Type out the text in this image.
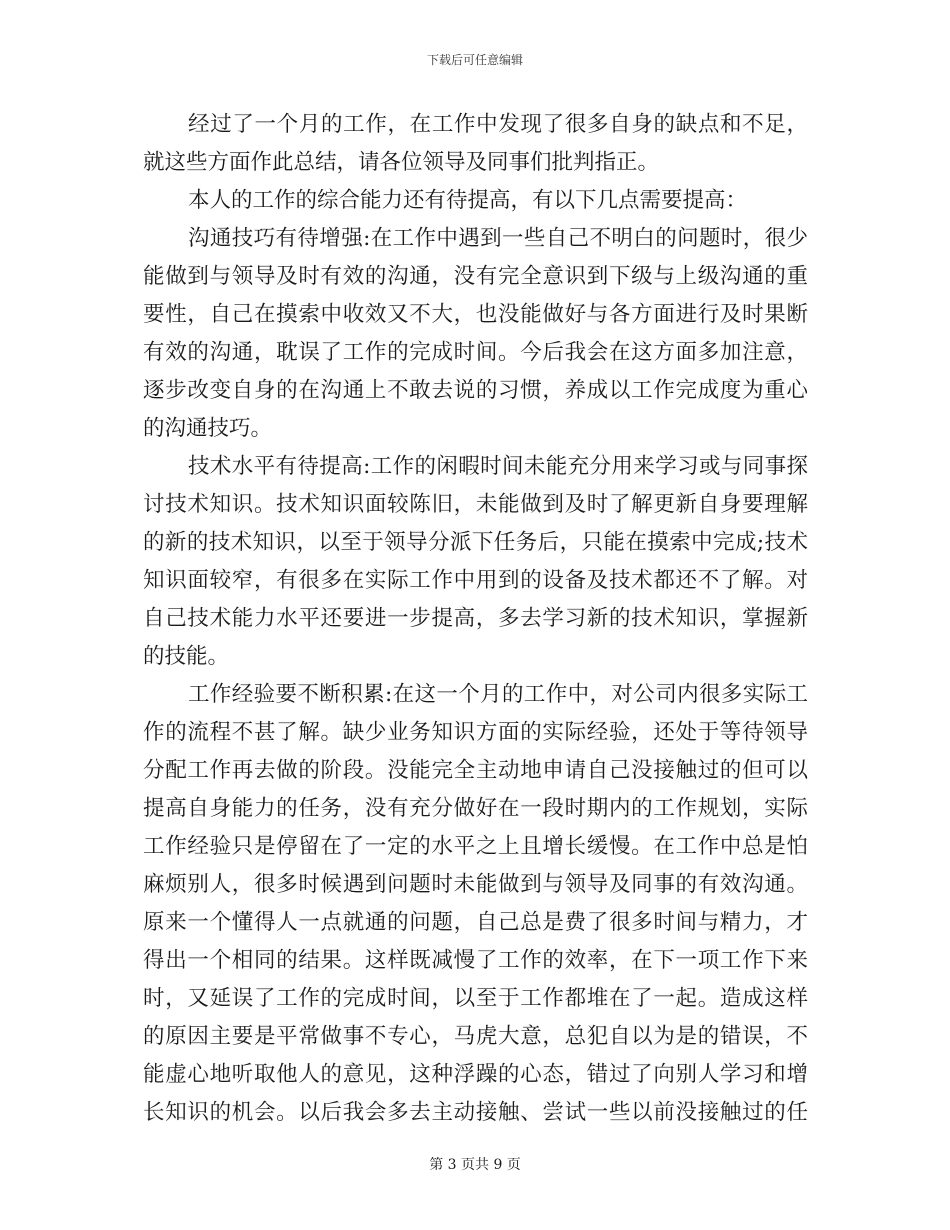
下载后可任意编辑
经过了一个月的工作，在工作中发现了很多自身的缺点和不足，
就这些方面作此总结，请各位领导及同事们批判指正。
本人的工作的综合能力还有待提高，有以下几点需要提高：
沟通技巧有待增强:在工作中遇到一些自己不明白的问题时，很少
能做到与领导及时有效的沟通，没有完全意识到下级与上级沟通的重
要性，自己在摸索中收效又不大，也没能做好与各方面进行及时果断
有效的沟通，耽误了工作的完成时间。今后我会在这方面多加注意，
逐步改变自身的在沟通上不敢去说的习惯，养成以工作完成度为重心
的沟通技巧。
技术水平有待提高:工作的闲暇时间未能充分用来学习或与同事探
讨技术知识。技术知识面较陈旧，未能做到及时了解更新自身要理解
的新的技术知识，以至于领导分派下任务后，只能在摸索中完成;技术
知识面较窄，有很多在实际工作中用到的设备及技术都还不了解。对
自己技术能力水平还要进一步提高，多去学习新的技术知识，掌握新
的技能。
工作经验要不断积累:在这一个月的工作中，对公司内很多实际工
作的流程不甚了解。缺少业务知识方面的实际经验，还处于等待领导
分配工作再去做的阶段。没能完全主动地申请自己没接触过的但可以
提高自身能力的任务，没有充分做好在一段时期内的工作规划，实际
工作经验只是停留在了一定的水平之上且增长缓慢。在工作中总是怕
麻烦别人，很多时候遇到问题时未能做到与领导及同事的有效沟通。
原来一个懂得人一点就通的问题，自己总是费了很多时间与精力，才
得出一个相同的结果。这样既减慢了工作的效率，在下一项工作下来
时，又延误了工作的完成时间，以至于工作都堆在了一起。造成这样
的原因主要是平常做事不专心，马虎大意，总犯自以为是的错误，不
能虚心地听取他人的意见，这种浮躁的心态，错过了向别人学习和增
长知识的机会。以后我会多去主动接触、尝试一些以前没接触过的任
第 3 页共 9 页
